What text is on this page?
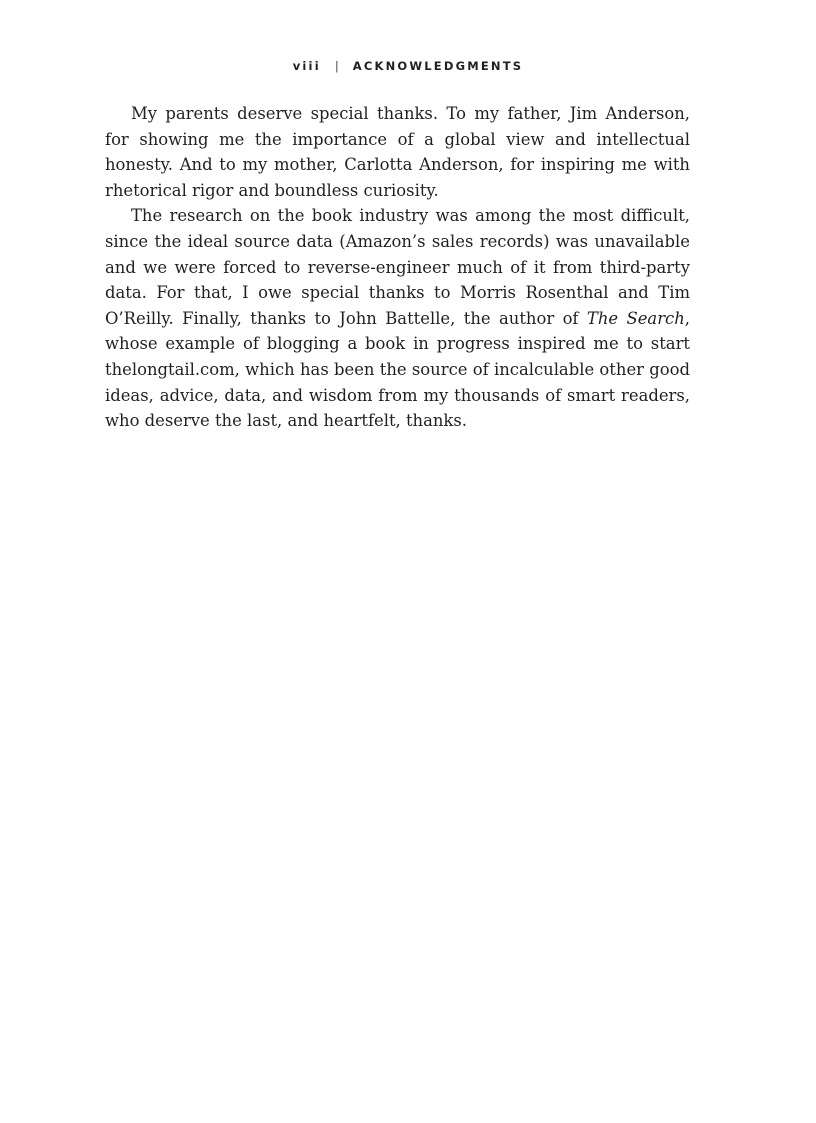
viii | ACKNOWLEDGMENTS

My parents deserve special thanks. To my father, Jim Anderson, for showing me the importance of a global view and intellectual honesty. And to my mother, Carlotta Anderson, for inspiring me with rhetorical rigor and boundless curiosity.

The research on the book industry was among the most difficult, since the ideal source data (Amazon’s sales records) was unavailable and we were forced to reverse-engineer much of it from third-party data. For that, I owe special thanks to Morris Rosenthal and Tim O’Reilly. Finally, thanks to John Battelle, the author of The Search, whose example of blogging a book in progress inspired me to start thelongtail.com, which has been the source of incalculable other good ideas, advice, data, and wisdom from my thousands of smart readers, who deserve the last, and heartfelt, thanks.
